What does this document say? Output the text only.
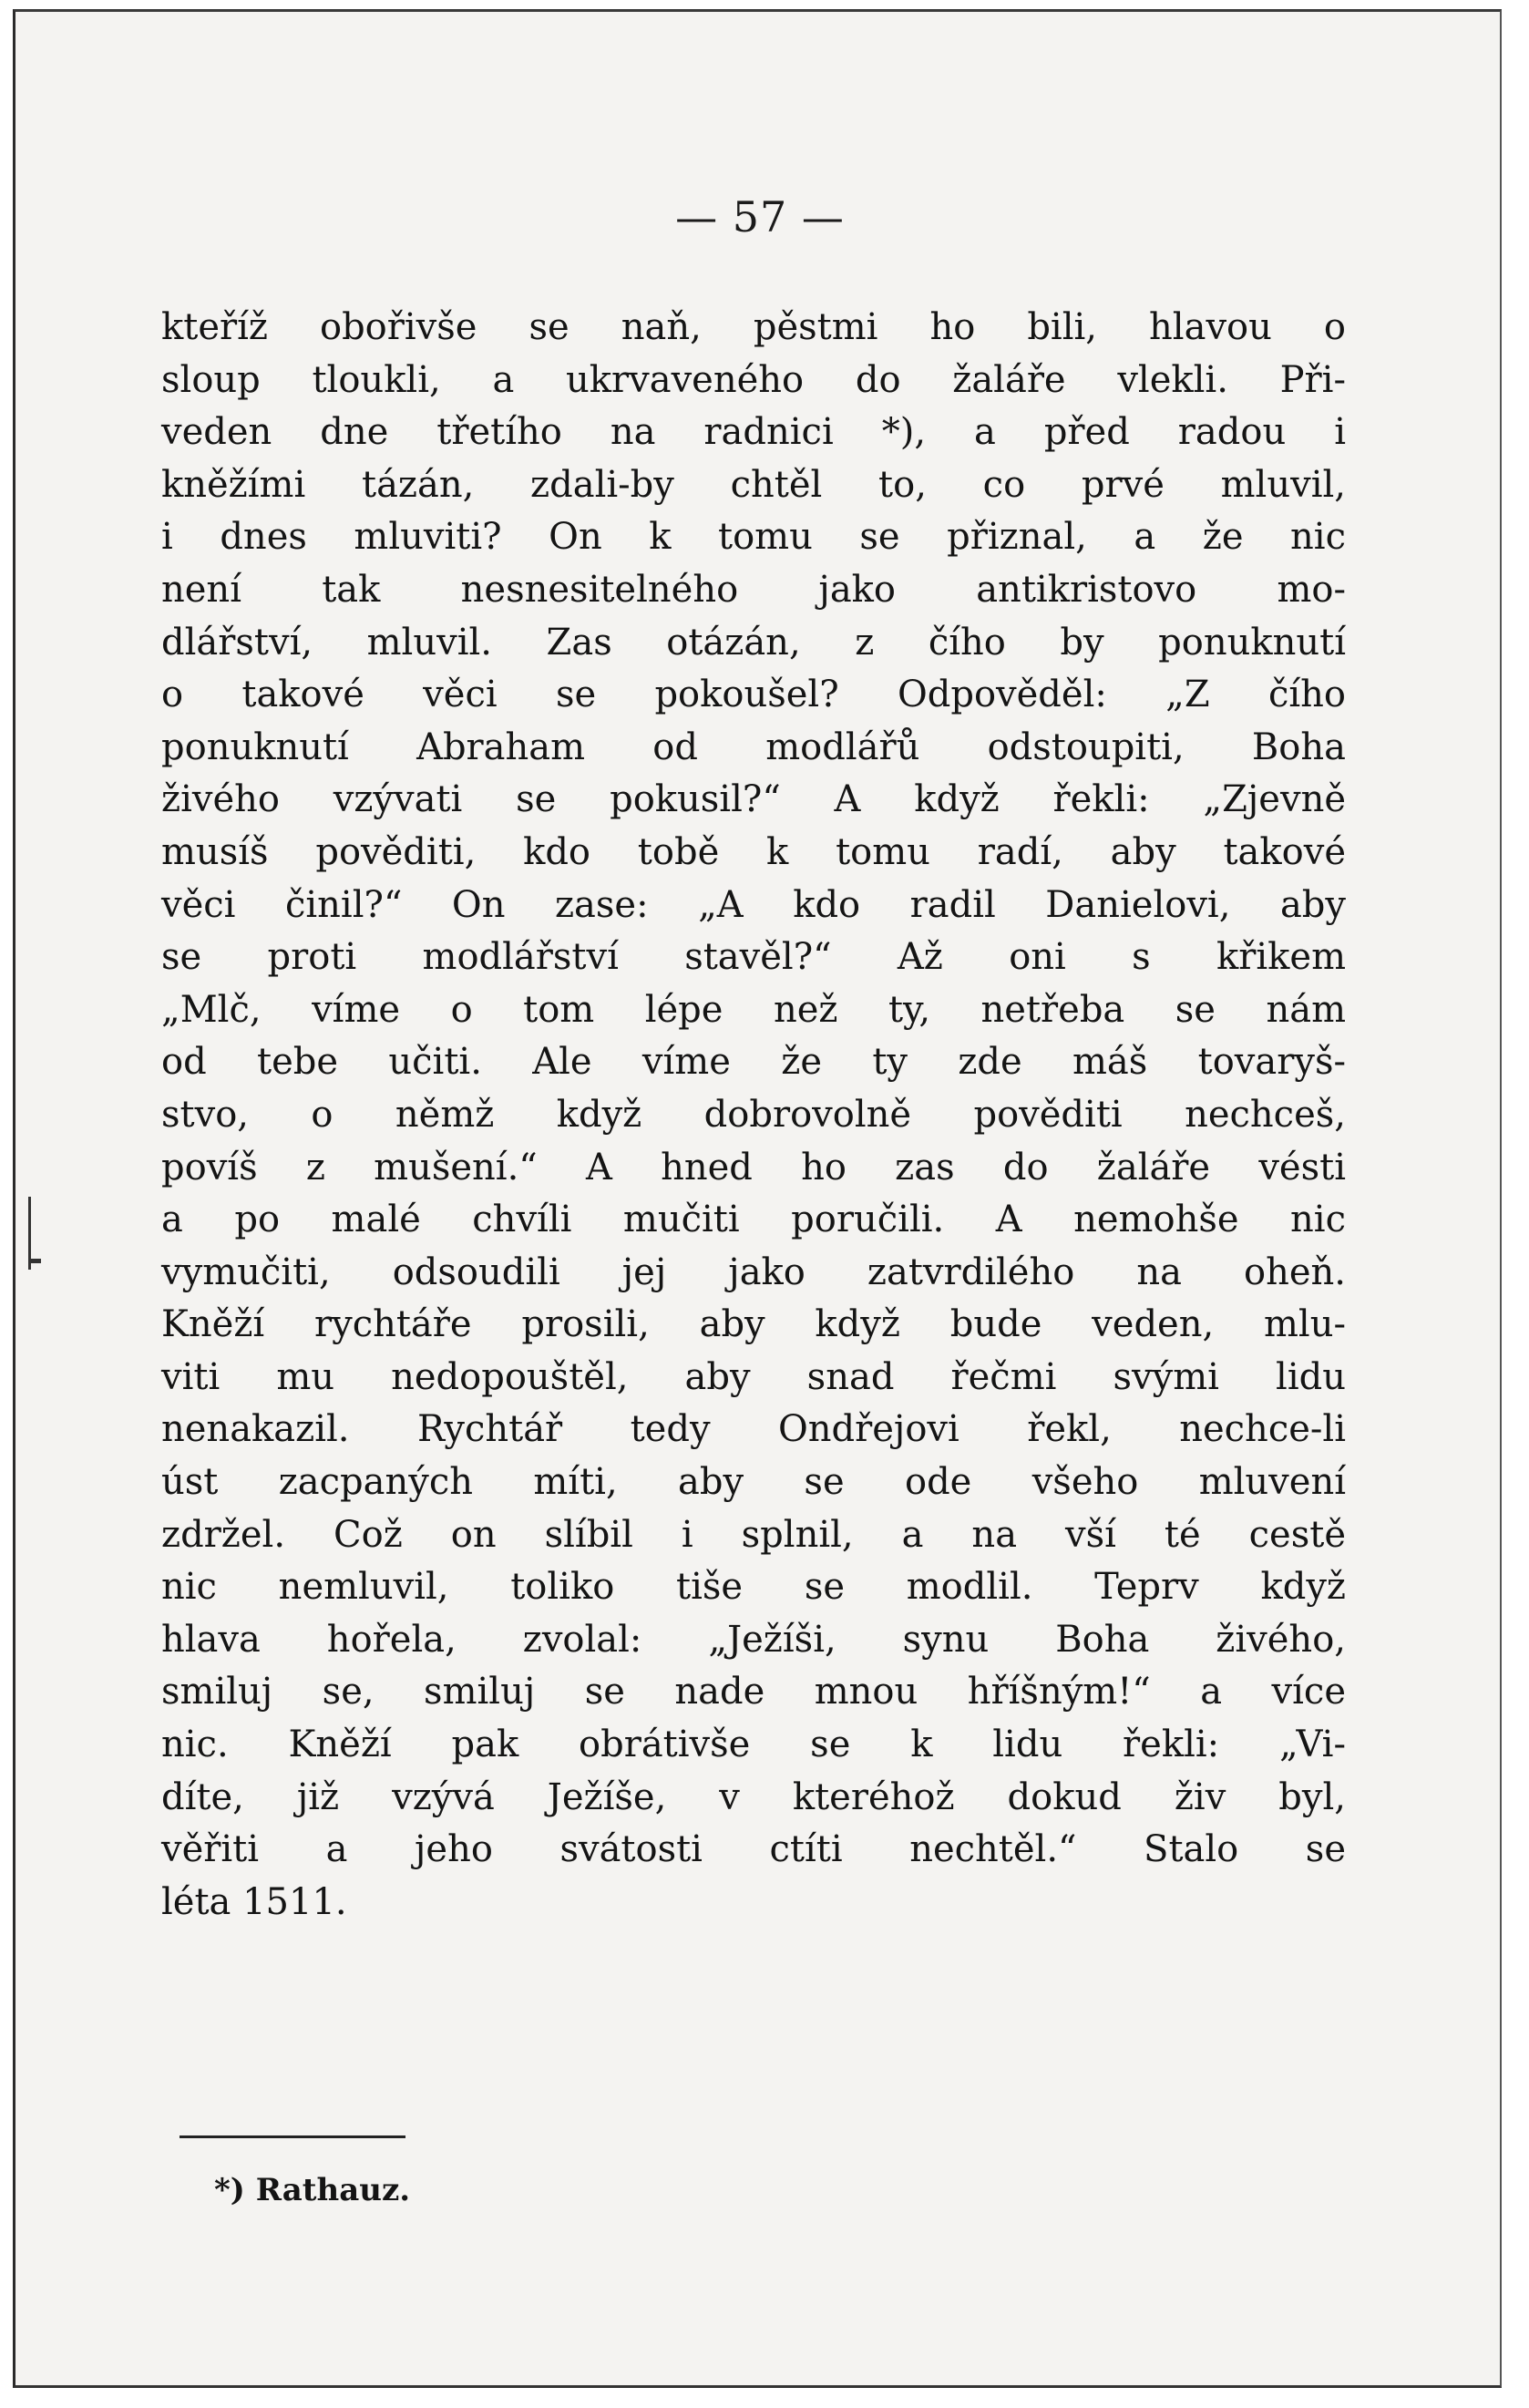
— 57 —
kteříž obořivše se naň, pěstmi ho bili, hlavou o
sloup tloukli, a ukrvaveného do žaláře vlekli. Při-
veden dne třetího na radnici *), a před radou i
kněžími tázán, zdali-by chtěl to, co prvé mluvil,
i dnes mluviti? On k tomu se přiznal, a že nic
není tak nesnesitelného jako antikristovo mo-
dlářství, mluvil. Zas otázán, z čího by ponuknutí
o takové věci se pokoušel? Odpověděl: „Z čího
ponuknutí Abraham od modlářů odstoupiti, Boha
živého vzývati se pokusil?“ A když řekli: „Zjevně
musíš pověditi, kdo tobě k tomu radí, aby takové
věci činil?“ On zase: „A kdo radil Danielovi, aby
se proti modlářství stavěl?“ Až oni s křikem
„Mlč, víme o tom lépe než ty, netřeba se nám
od tebe učiti. Ale víme že ty zde máš tovaryš-
stvo, o němž když dobrovolně pověditi nechceš,
povíš z mušení.“ A hned ho zas do žaláře vésti
a po malé chvíli mučiti poručili. A nemohše nic
vymučiti, odsoudili jej jako zatvrdilého na oheň.
Kněží rychtáře prosili, aby když bude veden, mlu-
viti mu nedopouštěl, aby snad řečmi svými lidu
nenakazil. Rychtář tedy Ondřejovi řekl, nechce-li
úst zacpaných míti, aby se ode všeho mluvení
zdržel. Což on slíbil i splnil, a na vší té cestě
nic nemluvil, toliko tiše se modlil. Teprv když
hlava hořela, zvolal: „Ježíši, synu Boha živého,
smiluj se, smiluj se nade mnou hříšným!“ a více
nic. Kněží pak obrátivše se k lidu řekli: „Vi-
díte, již vzývá Ježíše, v kteréhož dokud živ byl,
věřiti a jeho svátosti ctíti nechtěl.“ Stalo se
léta 1511.
*) Rathauz.
